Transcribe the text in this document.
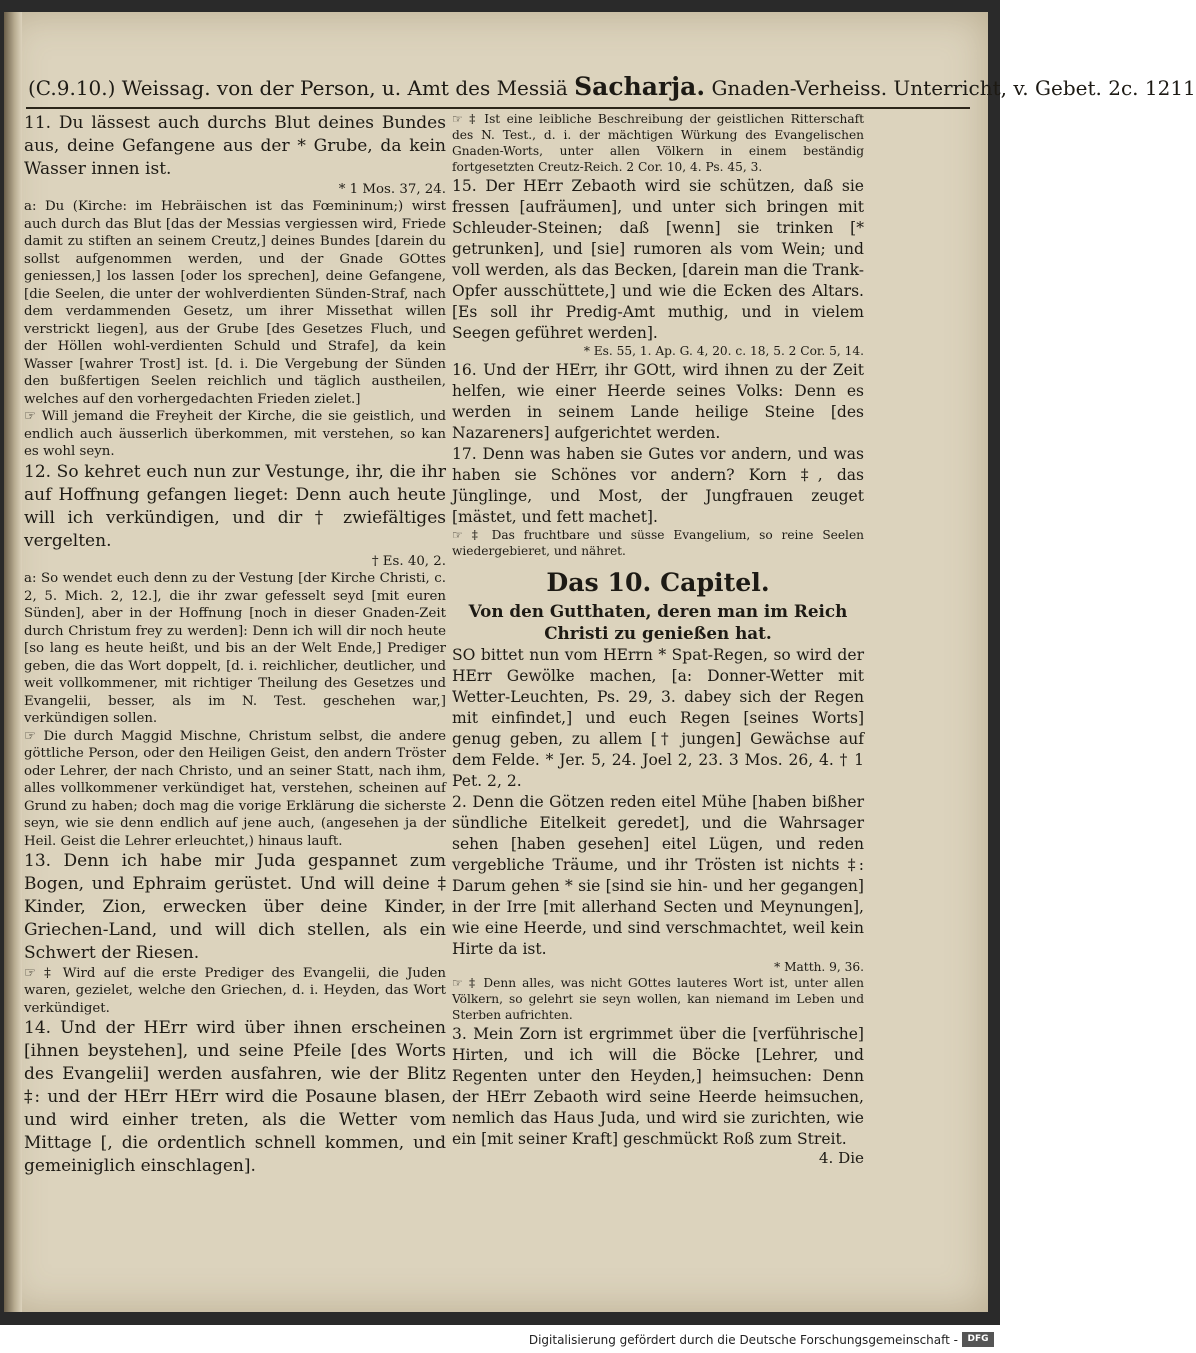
(C.9.10.) Weissag. von der Person, u. Amt des Messiä Sacharja. Gnaden-Verheiss. Unterricht, v. Gebet. 2c. 1211

11. Du lässest auch durchs Blut deines Bundes aus, deine Gefangene aus der * Grube, da kein Wasser innen ist.

* 1 Mos. 37, 24.

a: Du (Kirche: im Hebräischen ist das Fœmininum;) wirst auch durch das Blut [das der Messias vergiessen wird, Friede damit zu stiften an seinem Creutz,] deines Bundes [darein du sollst aufgenommen werden, und der Gnade GOttes geniessen,] los lassen [oder los sprechen], deine Gefangene, [die Seelen, die unter der wohlverdienten Sünden-Straf, nach dem verdammenden Gesetz, um ihrer Missethat willen verstrickt liegen], aus der Grube [des Gesetzes Fluch, und der Höllen wohl-verdienten Schuld und Strafe], da kein Wasser [wahrer Trost] ist. [d. i. Die Vergebung der Sünden den bußfertigen Seelen reichlich und täglich austheilen, welches auf den vorhergedachten Frieden zielet.]

☞ Will jemand die Freyheit der Kirche, die sie geistlich, und endlich auch äusserlich überkommen, mit verstehen, so kan es wohl seyn.

12. So kehret euch nun zur Vestunge, ihr, die ihr auf Hoffnung gefangen lieget: Denn auch heute will ich verkündigen, und dir † zwiefältiges vergelten.

† Es. 40, 2.

a: So wendet euch denn zu der Vestung [der Kirche Christi, c. 2, 5. Mich. 2, 12.], die ihr zwar gefesselt seyd [mit euren Sünden], aber in der Hoffnung [noch in dieser Gnaden-Zeit durch Christum frey zu werden]: Denn ich will dir noch heute [so lang es heute heißt, und bis an der Welt Ende,] Prediger geben, die das Wort doppelt, [d. i. reichlicher, deutlicher, und weit vollkommener, mit richtiger Theilung des Gesetzes und Evangelii, besser, als im N. Test. geschehen war,] verkündigen sollen.

☞ Die durch Maggid Mischne, Christum selbst, die andere göttliche Person, oder den Heiligen Geist, den andern Tröster oder Lehrer, der nach Christo, und an seiner Statt, nach ihm, alles vollkommener verkündiget hat, verstehen, scheinen auf Grund zu haben; doch mag die vorige Erklärung die sicherste seyn, wie sie denn endlich auf jene auch, (angesehen ja der Heil. Geist die Lehrer erleuchtet,) hinaus lauft.

13. Denn ich habe mir Juda gespannet zum Bogen, und Ephraim gerüstet. Und will deine ‡ Kinder, Zion, erwecken über deine Kinder, Griechen-Land, und will dich stellen, als ein Schwert der Riesen.

☞ ‡ Wird auf die erste Prediger des Evangelii, die Juden waren, gezielet, welche den Griechen, d. i. Heyden, das Wort verkündiget.

14. Und der HErr wird über ihnen erscheinen [ihnen beystehen], und seine Pfeile [des Worts des Evangelii] werden ausfahren, wie der Blitz ‡: und der HErr HErr wird die Posaune blasen, und wird einher treten, als die Wetter vom Mittage [, die ordentlich schnell kommen, und gemeiniglich einschlagen].

☞ ‡ Ist eine leibliche Beschreibung der geistlichen Ritterschaft des N. Test., d. i. der mächtigen Würkung des Evangelischen Gnaden-Worts, unter allen Völkern in einem beständig fortgesetzten Creutz-Reich. 2 Cor. 10, 4. Ps. 45, 3.

15. Der HErr Zebaoth wird sie schützen, daß sie fressen [aufräumen], und unter sich bringen mit Schleuder-Steinen; daß [wenn] sie trinken [* getrunken], und [sie] rumoren als vom Wein; und voll werden, als das Becken, [darein man die Trank-Opfer ausschüttete,] und wie die Ecken des Altars. [Es soll ihr Predig-Amt muthig, und in vielem Seegen geführet werden].

* Es. 55, 1. Ap. G. 4, 20. c. 18, 5. 2 Cor. 5, 14.

16. Und der HErr, ihr GOtt, wird ihnen zu der Zeit helfen, wie einer Heerde seines Volks: Denn es werden in seinem Lande heilige Steine [des Nazareners] aufgerichtet werden.

17. Denn was haben sie Gutes vor andern, und was haben sie Schönes vor andern? Korn ‡, das Jünglinge, und Most, der Jungfrauen zeuget [mästet, und fett machet].

☞ ‡ Das fruchtbare und süsse Evangelium, so reine Seelen wiedergebieret, und nähret.

Das 10. Capitel.

Von den Gutthaten, deren man im Reich Christi zu genießen hat.

SO bittet nun vom HErrn * Spat-Regen, so wird der HErr Gewölke machen, [a: Donner-Wetter mit Wetter-Leuchten, Ps. 29, 3. dabey sich der Regen mit einfindet,] und euch Regen [seines Worts] genug geben, zu allem [† jungen] Gewächse auf dem Felde. * Jer. 5, 24. Joel 2, 23. 3 Mos. 26, 4. † 1 Pet. 2, 2.

2. Denn die Götzen reden eitel Mühe [haben bißher sündliche Eitelkeit geredet], und die Wahrsager sehen [haben gesehen] eitel Lügen, und reden vergebliche Träume, und ihr Trösten ist nichts ‡: Darum gehen * sie [sind sie hin- und her gegangen] in der Irre [mit allerhand Secten und Meynungen], wie eine Heerde, und sind verschmachtet, weil kein Hirte da ist.

* Matth. 9, 36.

☞ ‡ Denn alles, was nicht GOttes lauteres Wort ist, unter allen Völkern, so gelehrt sie seyn wollen, kan niemand im Leben und Sterben aufrichten.

3. Mein Zorn ist ergrimmet über die [verführische] Hirten, und ich will die Böcke [Lehrer, und Regenten unter den Heyden,] heimsuchen: Denn der HErr Zebaoth wird seine Heerde heimsuchen, nemlich das Haus Juda, und wird sie zurichten, wie ein [mit seiner Kraft] geschmückt Roß zum Streit.

4. Die

Digitalisierung gefördert durch die Deutsche Forschungsgemeinschaft -	DFG
